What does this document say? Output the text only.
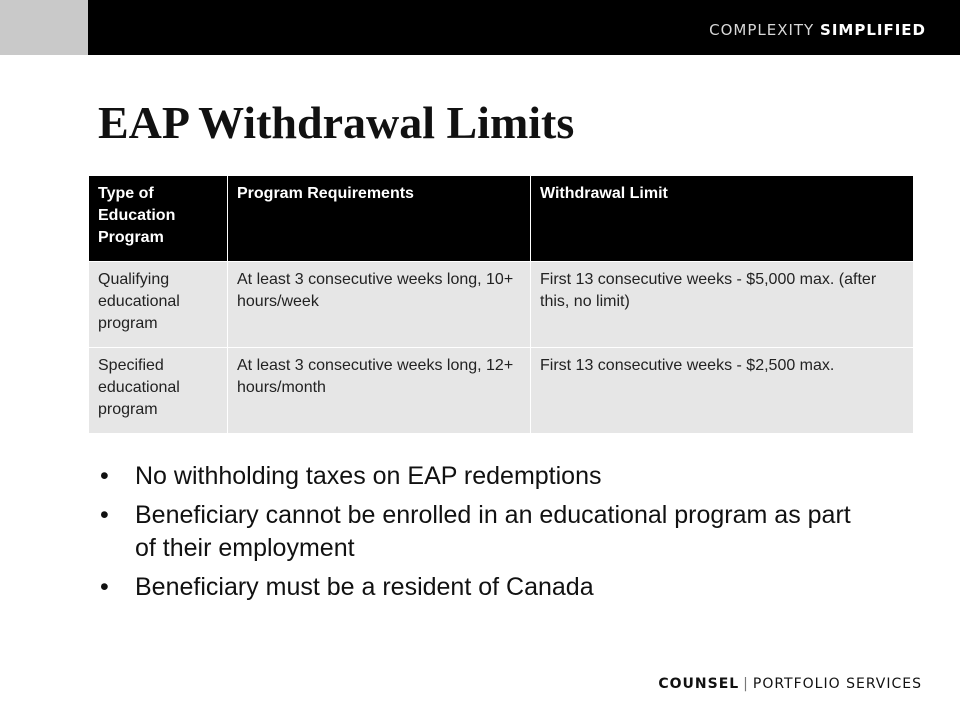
COMPLEXITY SIMPLIFIED
EAP Withdrawal Limits
Type of Education Program	Program Requirements	Withdrawal Limit
Qualifying educational program	At least 3 consecutive weeks long, 10+ hours/week	First 13 consecutive weeks - $5,000 max. (after this, no limit)
Specified educational program	At least 3 consecutive weeks long, 12+ hours/month	First 13 consecutive weeks - $2,500 max.
• No withholding taxes on EAP redemptions
• Beneficiary cannot be enrolled in an educational program as part of their employment
• Beneficiary must be a resident of Canada
COUNSEL | PORTFOLIO SERVICES
